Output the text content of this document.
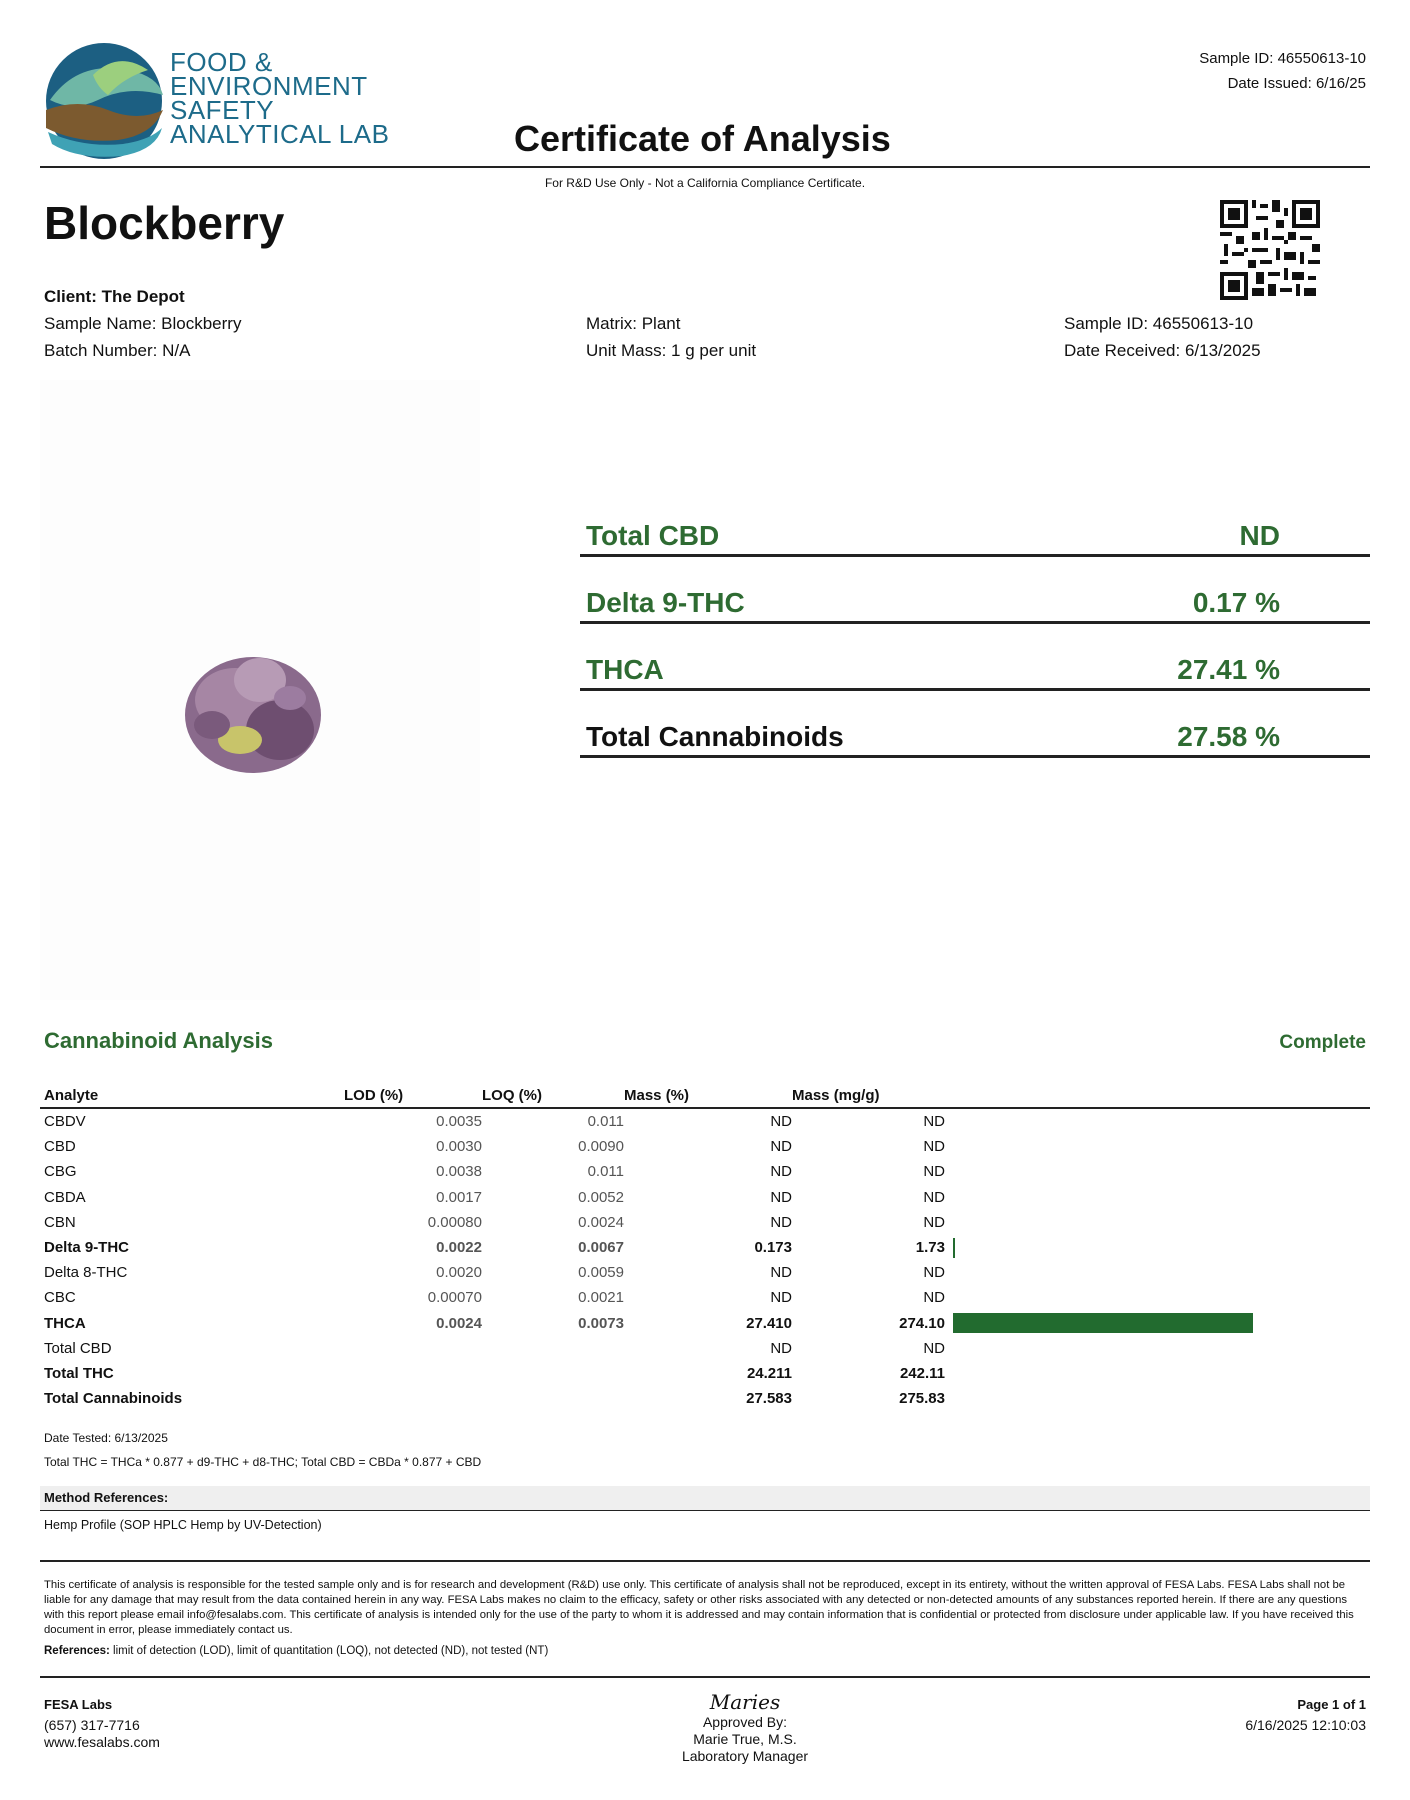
FOOD &
ENVIRONMENT
SAFETY
ANALYTICAL LAB
Sample ID: 46550613-10
Date Issued: 6/16/25
Certificate of Analysis
For R&D Use Only - Not a California Compliance Certificate.
Blockberry
Client: The Depot
Sample Name: Blockberry
Batch Number: N/A
Matrix: Plant
Unit Mass: 1 g per unit
Sample ID: 46550613-10
Date Received: 6/13/2025
Total CBD	ND
Delta 9-THC	0.17 %
THCA	27.41 %
Total Cannabinoids	27.58 %
Cannabinoid Analysis	Complete
Analyte	LOD (%)	LOQ (%)	Mass (%)	Mass (mg/g)	
CBDV	0.0035	0.011	ND	ND	
CBD	0.0030	0.0090	ND	ND	
CBG	0.0038	0.011	ND	ND	
CBDA	0.0017	0.0052	ND	ND	
CBN	0.00080	0.0024	ND	ND	
Delta 9-THC	0.0022	0.0067	0.173	1.73	

Delta 8-THC	0.0020	0.0059	ND	ND	
CBC	0.00070	0.0021	ND	ND	
THCA	0.0024	0.0073	27.410	274.10	

Total CBD			ND	ND	
Total THC			24.211	242.11	
Total Cannabinoids			27.583	275.83	
Date Tested: 6/13/2025
Total THC = THCa * 0.877 + d9-THC + d8-THC; Total CBD = CBDa * 0.877 + CBD
Method References:
Hemp Profile (SOP HPLC Hemp by UV-Detection)
This certificate of analysis is responsible for the tested sample only and is for research and development (R&D) use only. This certificate of analysis shall not be reproduced, except in its entirety, without the written approval of FESA Labs. FESA Labs shall not be liable for any damage that may result from the data contained herein in any way. FESA Labs makes no claim to the efficacy, safety or other risks associated with any detected or non-detected amounts of any substances reported herein. If there are any questions with this report please email info@fesalabs.com. This certificate of analysis is intended only for the use of the party to whom it is addressed and may contain information that is confidential or protected from disclosure under applicable law. If you have received this document in error, please immediately contact us.
References: limit of detection (LOD), limit of quantitation (LOQ), not detected (ND), not tested (NT)
FESA Labs
(657) 317-7716
www.fesalabs.com
Maries
Approved By:
Marie True, M.S.
Laboratory Manager
Page 1 of 1
6/16/2025 12:10:03
